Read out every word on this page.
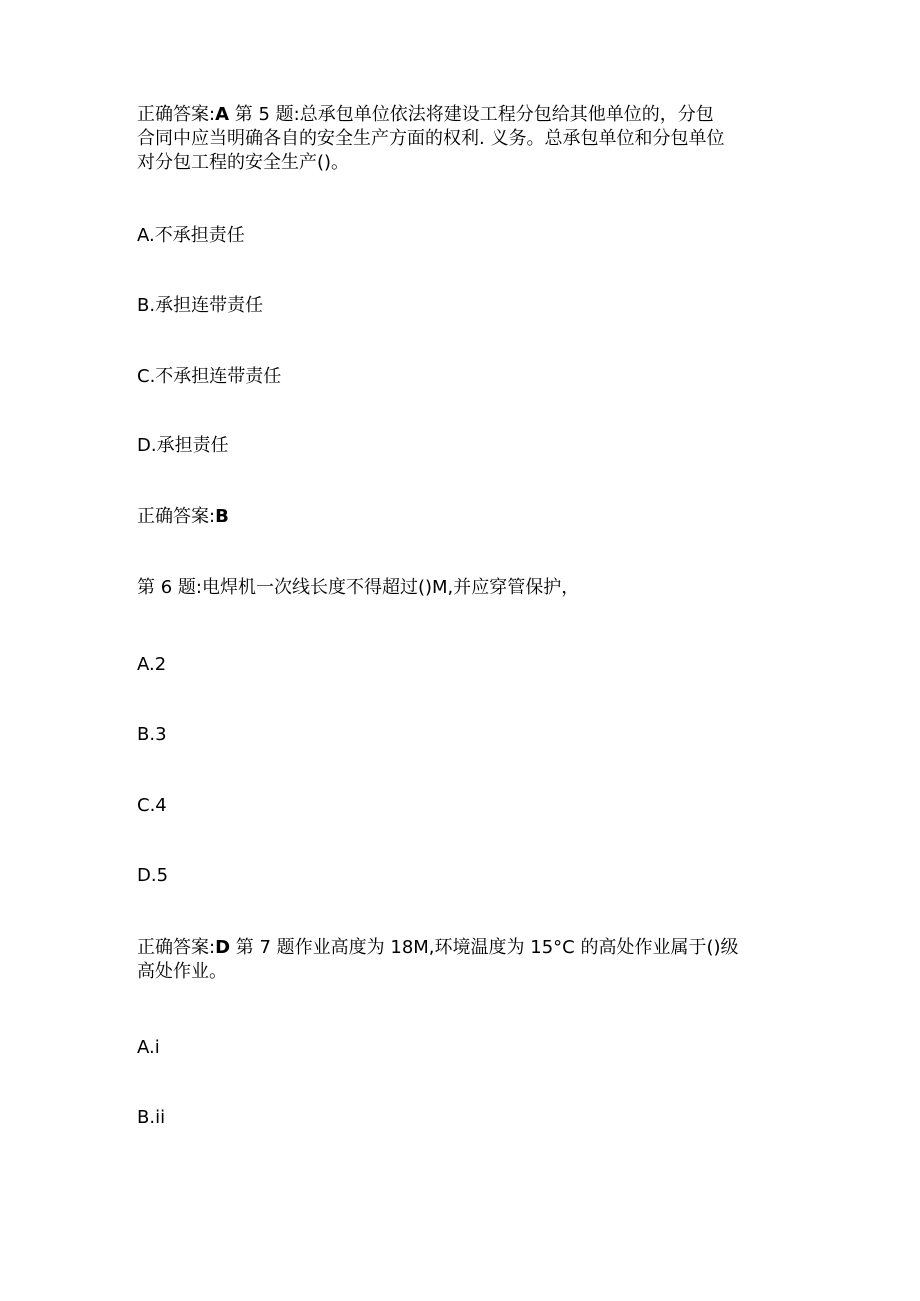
正确答案:A 第 5 题:总承包单位依法将建设工程分包给其他单位的，分包
合同中应当明确各自的安全生产方面的权利. 义务。总承包单位和分包单位
对分包工程的安全生产()。
A.不承担责任
B.承担连带责任
C.不承担连带责任
D.承担责任
正确答案:B
第 6 题:电焊机一次线长度不得超过()M,并应穿管保护，
A.2
B.3
C.4
D.5
正确答案:D 第 7 题作业高度为 18M,环境温度为 15°C 的高处作业属于()级
高处作业。
A.i
B.ii
